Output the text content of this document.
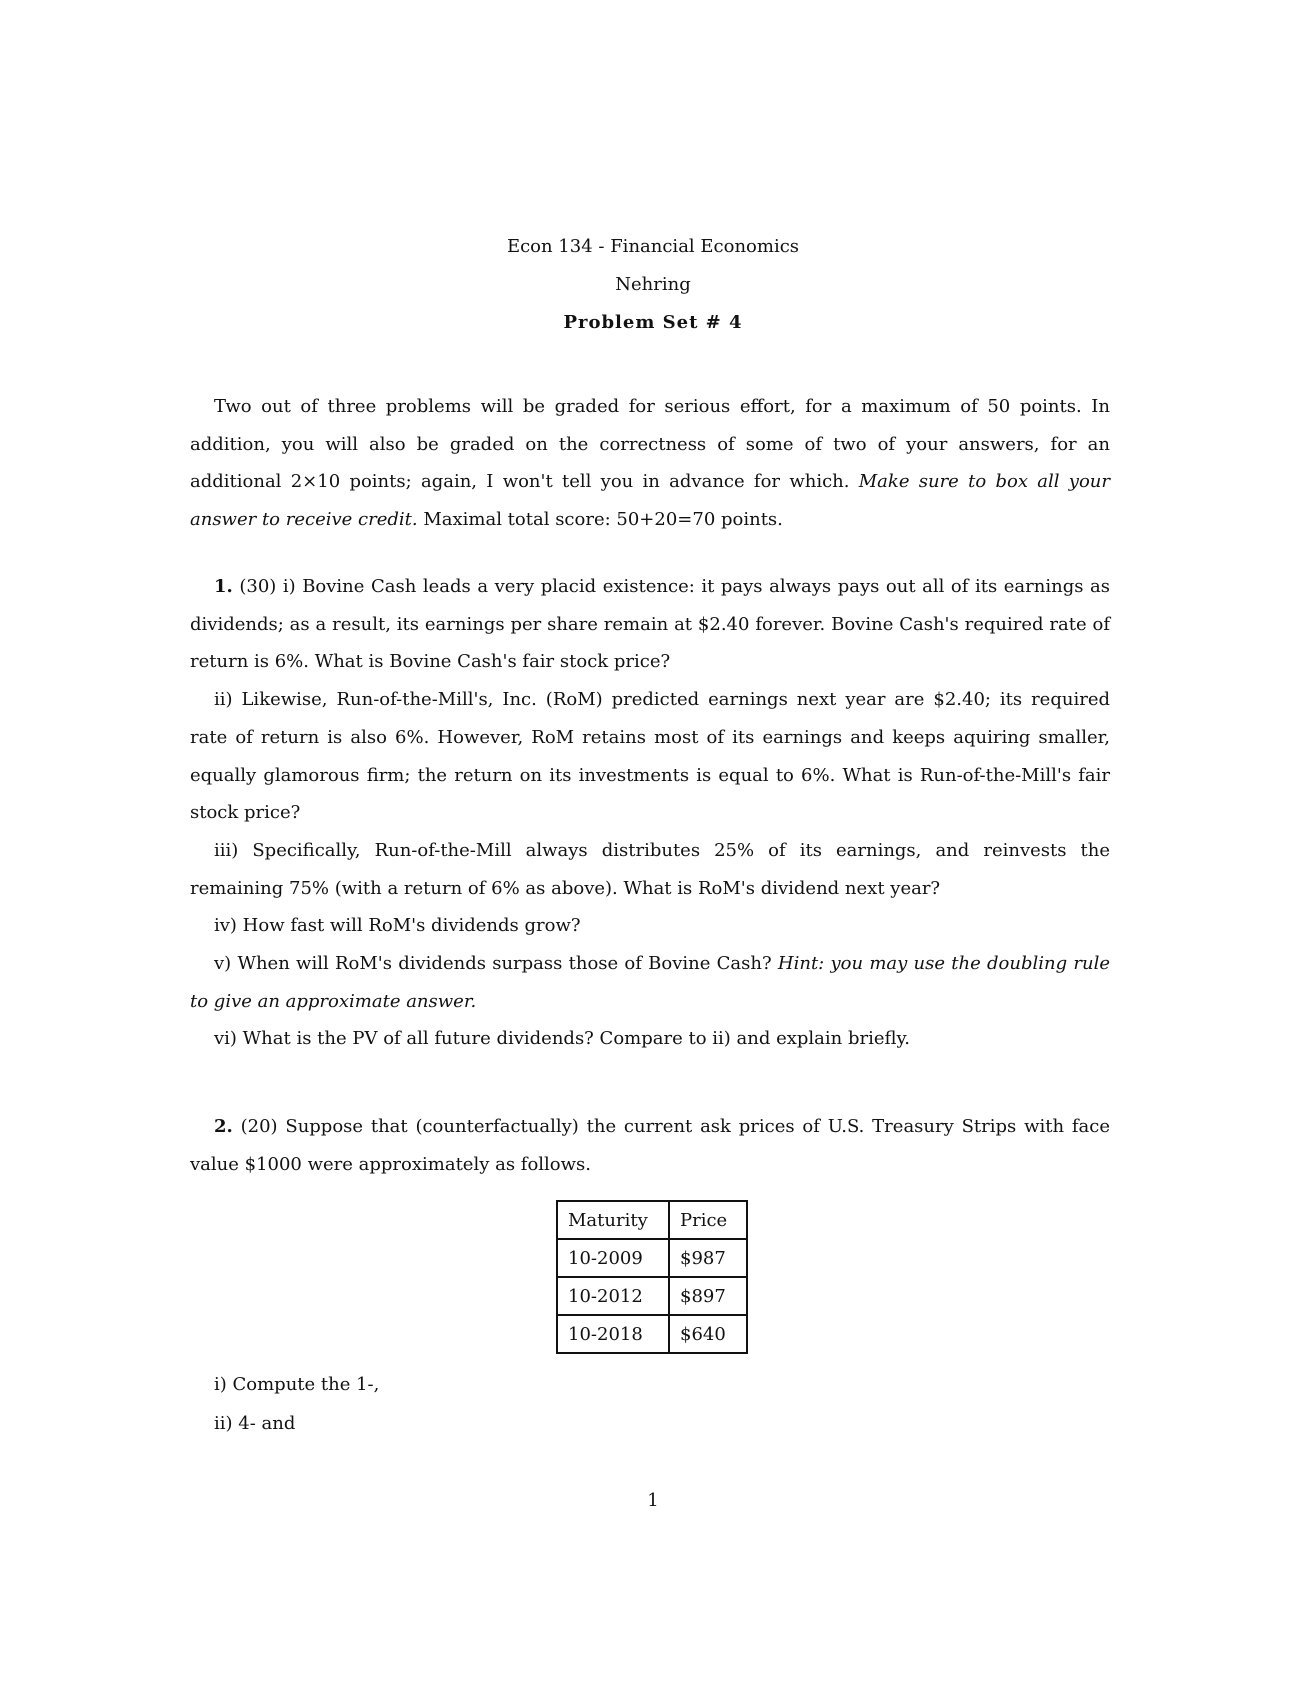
Econ 134 - Financial Economics
Nehring
Problem Set # 4

Two out of three problems will be graded for serious effort, for a maximum of 50 points. In addition, you will also be graded on the correctness of some of two of your answers, for an additional 2×10 points; again, I won't tell you in advance for which. Make sure to box all your answer to receive credit. Maximal total score: 50+20=70 points.

1. (30) i) Bovine Cash leads a very placid existence: it pays always pays out all of its earnings as dividends; as a result, its earnings per share remain at $2.40 forever. Bovine Cash's required rate of return is 6%. What is Bovine Cash's fair stock price?

ii) Likewise, Run-of-the-Mill's, Inc. (RoM) predicted earnings next year are $2.40; its required rate of return is also 6%. However, RoM retains most of its earnings and keeps aquiring smaller, equally glamorous firm; the return on its investments is equal to 6%. What is Run-of-the-Mill's fair stock price?

iii) Specifically, Run-of-the-Mill always distributes 25% of its earnings, and reinvests the remaining 75% (with a return of 6% as above). What is RoM's dividend next year?

iv) How fast will RoM's dividends grow?

v) When will RoM's dividends surpass those of Bovine Cash? Hint: you may use the doubling rule to give an approximate answer.

vi) What is the PV of all future dividends? Compare to ii) and explain briefly.

2. (20) Suppose that (counterfactually) the current ask prices of U.S. Treasury Strips with face value $1000 were approximately as follows.

Maturity	Price
10-2009	$987
10-2012	$897
10-2018	$640
i) Compute the 1-,
ii) 4- and
1
